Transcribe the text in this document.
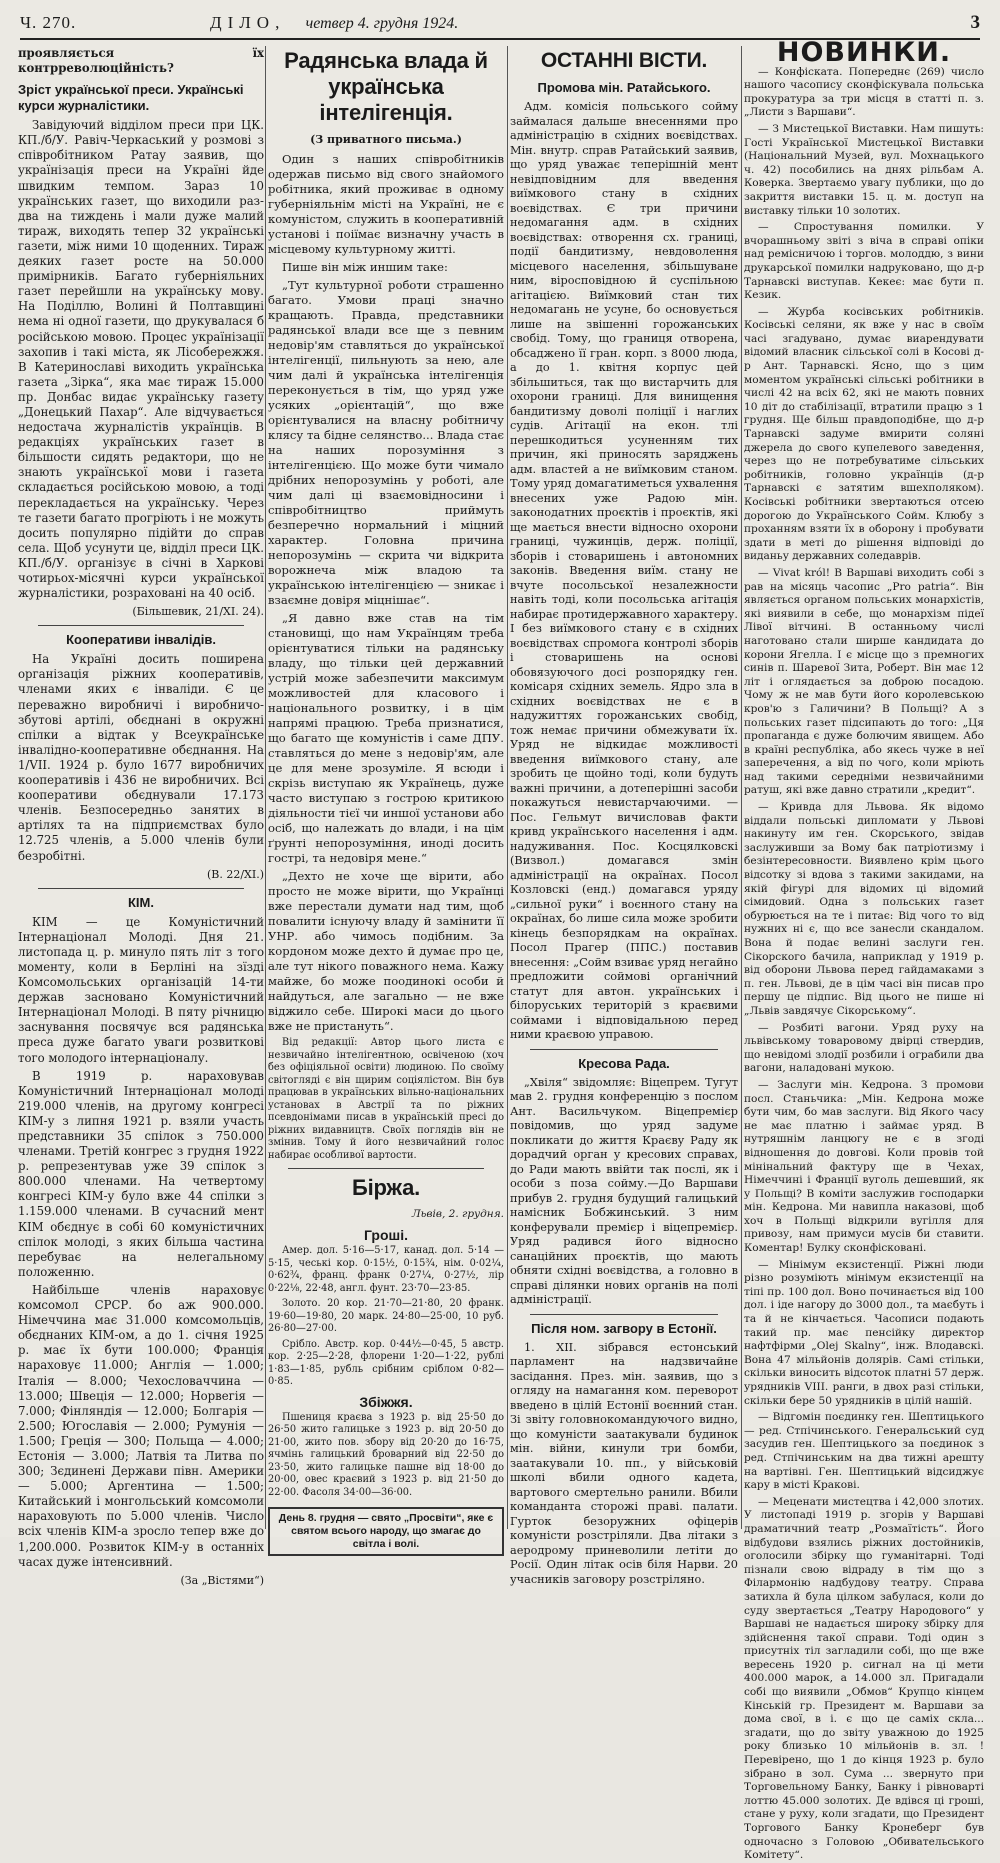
Ч. 270.	ДІЛО, четвер 4. грудня 1924.	3

проявляється їх контрреволюційність?

Зріст української преси. Українські курси журналістики.

Завідуючий відділом преси при ЦК. КП./б/У. Равіч-Черкаський у розмові з співробітником Ратау заявив, що українізація преси на Україні йде швидким темпом. Зараз 10 українських газет, що виходили раз-два на тиждень і мали дуже малий тираж, виходять тепер 32 українські газети, між ними 10 щоденних. Тираж деяких газет росте на 50.000 примірників. Багато губерніяльних газет перейшли на українську мову. На Поділлю, Волині й Полтавщині нема ні одної газети, що друкувалася б російською мовою. Процес українізації захопив і такі міста, як Лісобережжя. В Катеринославі виходить українська газета „Зірка“, яка має тираж 15.000 пр. Донбас видає українську газету „Донецький Пахар“. Але відчувається недостача журналістів українців. В редакціях українських газет в більшости сидять редактори, що не знають української мови і газета складається російською мовою, а тоді перекладається на українську. Через те газети багато прогріють і не можуть досить популярно підійти до справ села. Щоб усунути це, відділ преси ЦК. КП./б/У. організує в січні в Харкові чотирьох-місячні курси української журналістики, розраховані на 40 осіб.

(Більшевик, 21/XI. 24).

Кооперативи інвалідів.

На Україні досить поширена організація ріжних кооперативів, членами яких є інваліди. Є це переважно виробничі і виробничо-збутові артілі, обєднані в окружні спілки а відтак у Всеукраїнське інвалідно-кооперативне обєднання. На 1/VII. 1924 р. було 1677 виробничих кооперативів і 436 не виробничих. Всі кооперативи обєднували 17.173 членів. Безпосередньо занятих в артілях та на підприємствах було 12.725 членів, а 5.000 членів були безробітні.

(В. 22/XI.)

КІМ.

КІМ — це Комуністичний Інтернаціонал Молоді. Дня 21. листопада ц. р. минуло пять літ з того моменту, коли в Берліні на зїзді Комсомольських організацій 14-ти держав засновано Комуністичний Інтернаціонал Молоді. В пяту річницю заснування посвячує вся радянська преса дуже багато уваги розвиткові того молодого інтернаціоналу.

В 1919 р. нараховував Комуністичний Інтернаціонал молоді 219.000 членів, на другому конгресі КІМ-у з липня 1921 р. взяли участь представники 35 спілок з 750.000 членами. Третій конгрес з грудня 1922 р. репрезентував уже 39 спілок з 800.000 членами. На четвертому конгресі КІМ-у було вже 44 спілки з 1.159.000 членами. В сучасний мент КІМ обєднує в собі 60 комуністичних спілок молоді, з яких більша частина перебуває на нелегальному положенню.

Найбільше членів нараховує комсомол СРСР. бо аж 900.000. Німеччина має 31.000 комсомольців, обєднаних КІМ-ом, а до 1. січня 1925 р. має їх бути 100.000; Франція нараховує 11.000; Англія — 1.000; Італія — 8.000; Чехословаччина — 13.000; Швеція — 12.000; Норвегія — 7.000; Фінляндія — 12.000; Болгарія — 2.500; Югославія — 2.000; Румунія — 1.500; Греція — 300; Польща — 4.000; Естонія — 3.000; Латвія та Литва по 300; Зєдинені Держави півн. Америки — 5.000; Аргентина — 1.500; Китайський і монгольський комсомоли нараховують по 5.000 членів. Число всіх членів КІМ-а зросло тепер вже до 1,200.000. Розвиток КІМ-у в останніх часах дуже інтенсивний.

(За „Вістями“)

Радянська влада й українська інтелігенція.
(З приватного письма.)

Один з наших співробітників одержав письмо від свого знайомого робітника, який проживає в одному губерніяльнім місті на Україні, не є комуністом, служить в кооперативній установі і поіїмає визначну участь в місцевому культурному житті.

Пише він між иншим таке:

„Тут культурної роботи страшенно багато. Умови праці значно кращають. Правда, представники радянської влади все ще з певним недовір'ям ставляться до української інтелігенції, пильнують за нею, але чим далі й українська інтелігенція переконується в тім, що уряд уже усяких „орієнтацій“, що вже орієнтувалися на власну робітничу клясу та бідне селянство... Влада стає на наших порозуміння з інтелігенцією. Що може бути чимало дрібних непорозумінь у роботі, але чим далі ці взаємовідносини і співробітництво приймуть безперечно нормальний і міцний характер. Головна причина непорозумінь — скрита чи відкрита ворожнеча між владою та українською інтелігенцією — зникає і взаємне довіря міцнішає“.

„Я давно вже став на тім становищі, що нам Українцям треба орієнтуватися тільки на радянську владу, що тільки цей державний устрій може забезпечити максимум можливостей для класового і національного розвитку, і в цім напрямі працюю. Треба признатися, що багато ще комуністів і саме ДПУ. ставляться до мене з недовір'ям, але це для мене зрозуміле. Я всюди і скрізь виступаю як Українець, дуже часто виступаю з гострою критикою діяльности тієї чи иншої установи або осіб, що належать до влади, і на цім ґрунті непорозуміння, иноді досить гострі, та недовіря мене.“

„Дехто не хоче ще вірити, або просто не може вірити, що Українці вже перестали думати над тим, щоб повалити існуючу владу й замінити її УНР. або чимось подібним. За кордоном може дехто й думає про це, але тут нікого поважного нема. Кажу майже, бо може поодинокі особи й найдуться, але загально — не вже віджило себе. Широкі маси до цього вже не пристануть“.

Від редакції: Автор цього листа є незвичайно інтелігентною, освіченою (хоч без офіціяльної освіти) людиною. По своїму світогляді є він щирим соціялістом. Він був працював в українських вільно-національних установах в Австрії та по ріжних псевдонімами писав в українській пресі до ріжних видавництв. Своїх поглядів він не змінив. Тому й його незвичайний голос набирає особливої вартости.

Біржа.
Львів, 2. грудня.
Гроші.

Амер. дол. 5·16—5·17, канад. дол. 5·14 — 5·15, чеські кор. 0·15½, 0·15¾, нім. 0·02¼, 0·62¾, франц. франк 0·27¼, 0·27½, лір 0·22⅛, 22·48, англ. фунт. 23·70—23·85.

Золото. 20 кор. 21·70—21·80, 20 франк. 19·60—19·80, 20 марк. 24·80—25·00, 10 руб. 26·80—27·00.

Срібло. Австр. кор. 0·44½—0·45, 5 австр. кор. 2·25—2·28, флорени 1·20—1·22, рублі 1·83—1·85, рубль срібним сріблом 0·82—0·85.

Збіжжя.

Пшениця краєва з 1923 р. від 25·50 до 26·50 жито галицьке з 1923 р. від 20·50 до 21·00, жито пов. збору від 20·20 до 16·75, ячмінь галицький броварний від 22·50 до 23·50, жито галицьке пашне від 18·00 до 20·00, овес краєвий з 1923 р. від 21·50 до 22·00. Фасоля 34·00—36·00.

День 8. грудня — свято „Просвіти“, яке є святом всього народу, що змагає до світла і волі.
ОСТАННІ ВІСТИ.
Промова мін. Ратайського.

Адм. комісія польського сойму займалася дальше внесеннями про адміністрацію в східних воєвідствах. Мін. внутр. справ Ратайський заявив, що уряд уважає теперішній мент невідповідним для введення виїмкового стану в східних воєвідствах. Є три причини недомагання адм. в східних воєвідствах: отворення сх. границі, події бандитизму, невдоволення місцевого населення, збільшуване ним, віросповідною й суспільною агітацією. Виїмковий стан тих недомагань не усуне, бо основується лише на звішенні горожанських свобід. Тому, що границя отворена, обсаджено її гран. корп. з 8000 люда, а до 1. квітня корпус цей збільшиться, так що вистарчить для охорони границі. Для винищення бандитизму доволі поліції і наглих судів. Агітації на екон. тлі перешкодиться усуненням тих причин, які приносять заряджень адм. властей а не виїмковим станом. Тому уряд домагатиметься ухвалення внесених уже Радою мін. законодатних проєктів і проєктів, які ще мається внести відносно охорони границі, чужинців, держ. поліції, зборів і стоваришень і автономних законів. Введення виїм. стану не вчуте посольської незалежности навіть тоді, коли посольська агітація набирає протидержавного характеру. І без виїмкового стану є в східних воєвідствах спромога контролі зборів і стоваришень на основі обовязуючого досі розпорядку ген. комісаря східних земель. Ядро зла в східних воєвідствах не є в надужиттях горожанських свобід, тож немає причини обмежувати їх. Уряд не відкидає можливості введення виїмкового стану, але зробить це щойно тоді, коли будуть важні причини, а дотеперішні засоби покажуться невистарчаючими. — Пос. Гельмут вичисловав факти кривд українського населення і адм. надуживання. Пос. Косцялковскі (Визвол.) домагався змін адміністрації на окраїнах. Посол Козловскі (енд.) домагався уряду „сильної руки“ і воєнного стану на окраїнах, бо лише сила може зробити кінець безпорядкам на окраїнах. Посол Прагер (ППС.) поставив внесення: „Сойм взиває уряд негайно предложити соймові органічний статут для автон. українських і білоруських територій з краєвими соймами і відповідальною перед ними краєвою управою.

Кресова Рада.

„Хвіля“ звідомляє: Віцепрем. Тугут мав 2. грудня конференцію з послом Ант. Васильчуком. Віцепремієр повідомив, що уряд задуме покликати до життя Краєву Раду як дорадчий орган у кресових справах, до Ради мають ввійти так послі, як і особи з поза сойму.—До Варшави прибув 2. грудня будущий галицький намісник Бобжинський. З ним конферували премієр і віцепремієр. Уряд радився його відносно санаційних проєктів, що мають обняти східні воєвідства, а головно в справі ділянки нових органів на полі адміністрації.

Після ном. загвору в Естонії.

1. XII. зібрався естонський парламент на надзвичайне засідання. През. мін. заявив, що з огляду на намагання ком. переворот введено в цілій Естонії воєнний стан. Зі звіту головнокомандуючого видно, що комуністи заатакували будинок мін. війни, кинули три бомби, заатакували 10. пп., у військовій школі вбили одного кадета, вартового смертельно ранили. Вбили команданта сторожі праві. палати. Гурток безоружних офіцерів комуністи розстріляли. Два літаки з аеродрому приневолили летіти до Росії. Один літак осів біля Нарви. 20 учасників заговору розстріляно.

НОВИНКИ.

— Конфіската. Попереднє (269) число нашого часопису сконфіскувала польська прокуратура за три місця в статті п. з. „Листи з Варшави“.

— З Мистецької Виставки. Нам пишуть: Гості Української Мистецької Виставки (Національний Музей, вул. Мохнацького ч. 42) пособились на днях рільбам А. Коверка. Звертаємо увагу публики, що до закриття виставки 15. ц. м. доступ на виставку тільки 10 золотих.

— Спростування помилки. У вчорашньому звіті з віча в справі опіки над ремісничою і торгов. молоддю, з вини друкарської помилки надруковано, що д-р Тарнавскі виступав. Кекеє: має бути п. Кезик.

— Журба косівських робітників. Косівські селяни, як вже у нас в своїм часі згадувано, думає виарендувати відомий власник сільської солі в Косові д-р Ант. Тарнавскі. Ясно, що з цим моментом українські сільські робітники в числі 42 на всіх 62, які не мають повних 10 діт до стабілізації, втратили працю з 1 грудня. Ще більш правдоподібне, що д-р Тарнавскі задуме вмирити соляні джерела до свого купелевого заведення, через що не потребуватиме сільських робітників, головно українців (д-р Тарнавскі є затятим вшехполяком). Косівські робітники звертаються отсею дорогою до Українського Сойм. Клюбу з проханням взяти їх в оборону і пробувати здати в меті до рішення відповіді до виданьу державних соледаврів.

— Vivat król! В Варшаві виходить собі з рав на місяць часопис „Pro patria“. Він являється органом польських монархістів, які виявили в себе, що монархізм підеї Лівої вітчині. В останньому числі наготовано стали ширше кандидата до корони Ягелла. І є місце що з премногих синів п. Шаревої Зита, Роберт. Він має 12 літ і оглядається за доброю посадою. Чому ж не мав бути його королевською кров'ю з Галичини? В Польщі? А з польських газет підсипають до того: „Ця пропаганда є дуже болючим явищем. Або в країні республіка, або якесь чуже в неї заперечення, а від по чого, коли мріють над такими середніми незвичайними ратуш, які вже давно стратили „кредит“.

— Кривда для Львова. Як відомо віддали польські дипломати у Львові накинуту им ген. Скорського, звідав заслуживши за Вому бак патріотизму і безінтересовности. Виявлено крім цього відсотку зі вдова з такими закидами, на якій фігурі для відомих ці відомий сімидовий. Одна з польських газет обурюється на те і питає: Від чого то від нужних ні є, що все занесли скандалом. Вона й подає велині заслуги ген. Сікорского бачила, наприклад у 1919 р. від оборони Львова перед гайдамаками з п. ген. Львові, де в цім часі він писав про першу це підпис. Від цього не пише ні „Львів завдячує Сікорському“.

— Розбиті вагони. Уряд руху на львівському товаровому двірці ствердив, що невідомі злодії розбили і ограбили два вагони, наладовані мукою.

— Заслуги мін. Кедрона. З промови посл. Станьчика: „Мін. Кедрона може бути чим, бо мав заслуги. Від Якого часу не має платню і займає уряд. В нутряшнім ланцюгу не є в згоді відношення до довгові. Коли провів той мінінальний фактуру ще в Чехах, Німеччині і Франції вуголь дешевший, як у Польщі? В коміти заслужив господарки мін. Кедрона. Ми навипла наказові, щоб хоч в Польщі відкрили вугілля для привозу, нам примуси мусів би ставити. Коментар! Булку сконфісковані.

— Мінімум екзистенції. Ріжні люди різно розуміють мінімум екзистенції на тіпі пр. 100 дол. Воно починається від 100 дол. і іде нагору до 3000 дол., та маєбуть і та й не кінчається. Часописи подають такий пр. має пенсійку директор нафтфірми „Olej Skalny“, інж. Влодавскі. Вона 47 мільйонів долярів. Самі стільки, скільки виносить відсоток платні 57 держ. урядників VIII. ранги, в двох разі стільки, скільки бере 50 урядників в цілій нашій.

— Відгомін поєдинку ген. Шептицького — ред. Стпічинського. Генеральський суд засудив ген. Шептицького за поєдинок з ред. Стпічинським на два тижні арешту на вартівні. Ген. Шептицький відсиджує кару в місті Кракові.

— Меценати мистецтва і 42,000 злотих. У листопаді 1919 р. згорів у Варшаві драматичний театр „Розмаїтість“. Його відбудови взялись ріжних достойників, оголосили збірку що гуманітарні. Тоді пізнали свою відраду в тім що з Філармонію надбудову театру. Справа затихла й була цілком забулася, коли до суду звертається „Театру Народового“ у Варшаві не надається широку збірку для здійснення такої справи. Тоді один з присутніх тіл загладили собі, що ще вже вересень 1920 р. сигнал на ці мети 400.000 марок, а 14.000 зл. Пригадали собі що виявили „Обмов“ Крупцо кінцем Кінській гр. Президент м. Варшави за дома свої, в і. є що це саміх скла... згадати, що до звіту уважною до 1925 року близько 10 мільйонів в. зл. ! Перевірено, що 1 до кінця 1923 р. було зібрано в зол. Сума ... звернуто при Торговельному Банку, Банку і рівноварті лоттю 45.000 золотих. Де вдівся ці гроші, стане у руху, коли згадати, що Президент Торгового Банку Кронеберг був одночасно з Головою „Обивательського Комітету“.
